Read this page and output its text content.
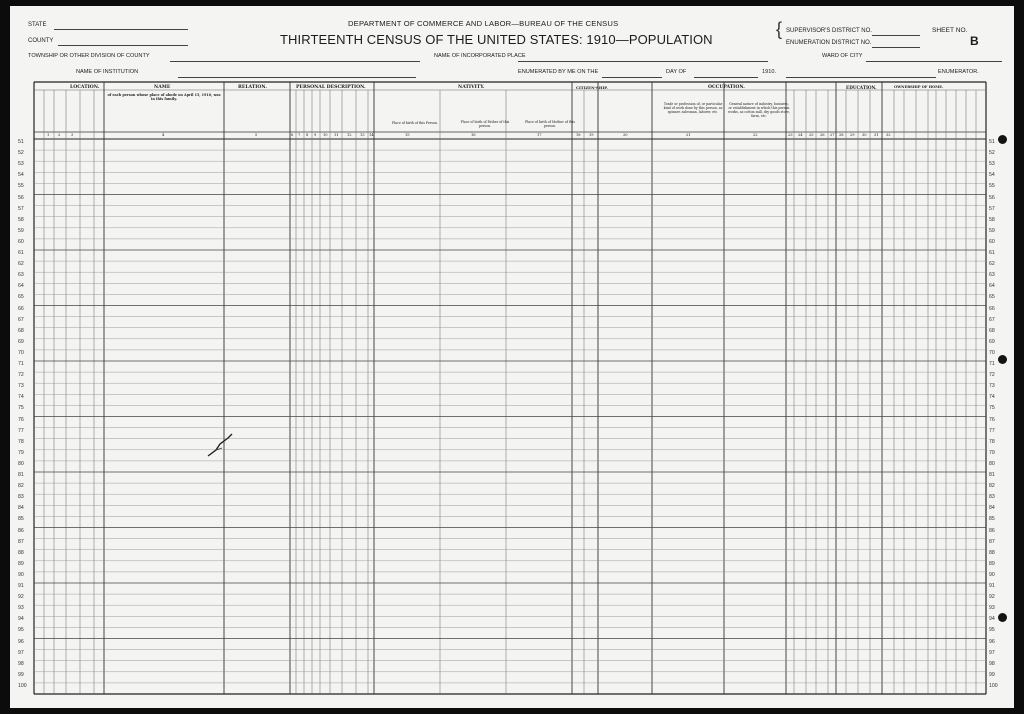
STATE
COUNTY
TOWNSHIP OR OTHER DIVISION OF COUNTY
NAME OF INSTITUTION
DEPARTMENT OF COMMERCE AND LABOR—BUREAU OF THE CENSUS
THIRTEENTH CENSUS OF THE UNITED STATES: 1910—POPULATION
NAME OF INCORPORATED PLACE
SUPERVISOR'S DISTRICT NO.
ENUMERATION DISTRICT NO.
{	SHEET NO.
B
WARD OF CITY
ENUMERATED BY ME ON THE	DAY OF	1910.	ENUMERATOR.
LOCATION.	NAME
of each person whose place of abode on April 15, 1910, was in this family.
RELATION.	PERSONAL DESCRIPTION.	NATIVITY.	CITIZEN-SHIP.	OCCUPATION.	EDUCATION.	OWNERSHIP OF HOME.
Place of birth of this Person.	Place of birth of Father of this person.
Place of birth of Mother of this person.
Trade or profession of, or particular kind of work done by this person, as spinner, salesman, laborer, etc.
General nature of industry, business, or establishment in which this person works, as cotton mill, dry goods store, farm, etc.
51
52
53
54
55
56
57
58
59
60
61
62
63
64
65
66
67
68
69
70
71
72
73
74
75
76
77
78
79
80
81
82
83
84
85
86
87
88
89
90
91
92
93
94
95
96
97
98
99
100
51
52
53
54
55
56
57
58
59
60
61
62
63
64
65
66
67
68
69
70
71
72
73
74
75
76
77
78
79
80
81
82
83
84
85
86
87
88
89
90
91
92
93
94
95
96
97
98
99
100
1 2	3	4	5	6 7 8 9 10 11 12 13 14	15	16	17	18 19	20	21	22	23 24 25 26 27 28 29 30 31 32
